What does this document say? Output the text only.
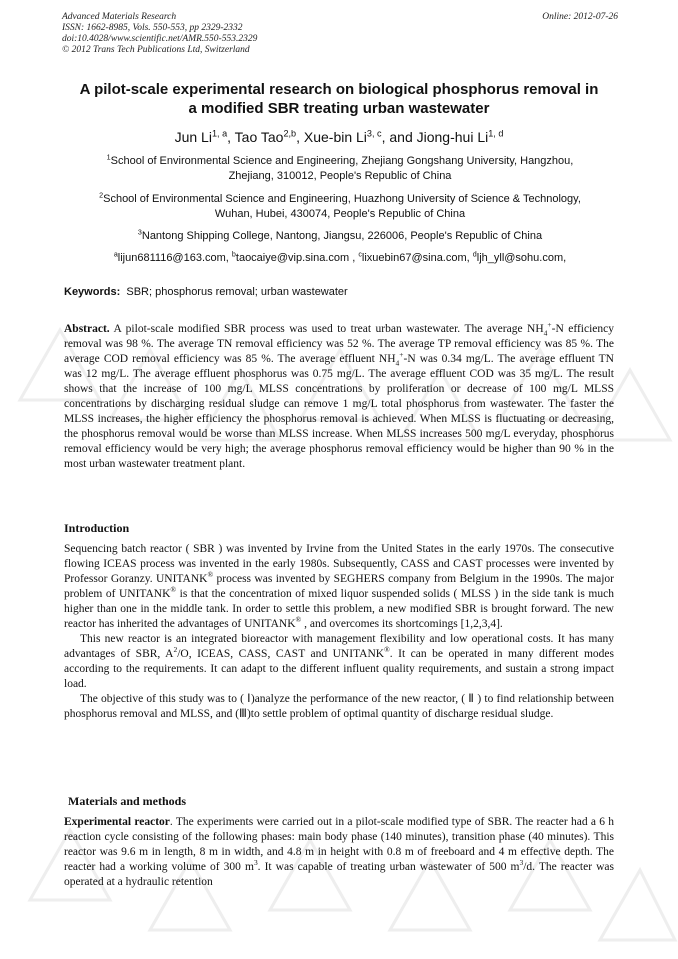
Advanced Materials Research
ISSN: 1662-8985, Vols. 550-553, pp 2329-2332
doi:10.4028/www.scientific.net/AMR.550-553.2329
© 2012 Trans Tech Publications Ltd, Switzerland
Online: 2012-07-26
A pilot-scale experimental research on biological phosphorus removal in
a modified SBR treating urban wastewater
Jun Li$^{1, a}$, Tao Tao$^{2,b}$, Xue-bin Li$^{3, c}$, and Jiong-hui Li$^{1, d}$
$^1$School of Environmental Science and Engineering, Zhejiang Gongshang University, Hangzhou,
Zhejiang, 310012, People's Republic of China
$^2$School of Environmental Science and Engineering, Huazhong University of Science & Technology,
Wuhan, Hubei, 430074, People's Republic of China
$^3$Nantong Shipping College, Nantong, Jiangsu, 226006, People's Republic of China
$^a$lijun681116@163.com, $^b$taocaiye@vip.sina.com , $^c$lixuebin67@sina.com, $^d$ljh_yll@sohu.com,
Keywords: SBR; phosphorus removal; urban wastewater

Abstract. A pilot-scale modified SBR process was used to treat urban wastewater. The average $NH_4^+-N$ efficiency removal was 98 %. The average TN removal efficiency was 52 %. The average TP removal efficiency was 85 %. The average COD removal efficiency was 85 %. The average effluent $NH_4^+-N$ was 0.34 mg/L. The average effluent TN was 12 mg/L. The average effluent phosphorus was 0.75 mg/L. The average effluent COD was 35 mg/L. The result shows that the increase of 100 mg/L MLSS concentrations by proliferation or decrease of 100 mg/L MLSS concentrations by discharging residual sludge can remove 1 mg/L total phosphorus from wastewater. The faster the MLSS increases, the higher efficiency the phosphorus removal is achieved. When MLSS is fluctuating or decreasing, the phosphorus removal would be worse than MLSS increase. When MLSS increases 500 mg/L everyday, phosphorus removal efficiency would be very high; the average phosphorus removal efficiency would be higher than 90 % in the most urban wastewater treatment plant.

Introduction

Sequencing batch reactor ( SBR ) was invented by Irvine from the United States in the early 1970s. The consecutive flowing ICEAS process was invented in the early 1980s. Subsequently, CASS and CAST processes were invented by Professor Goranzy. UNITANK® process was invented by SEGHERS company from Belgium in the 1990s. The major problem of UNITANK® is that the concentration of mixed liquor suspended solids ( MLSS ) in the side tank is much higher than one in the middle tank. In order to settle this problem, a new modified SBR is brought forward. The new reactor has inherited the advantages of UNITANK® , and overcomes its shortcomings [1,2,3,4].

This new reactor is an integrated bioreactor with management flexibility and low operational costs. It has many advantages of SBR, $A^2/O$, ICEAS, CASS, CAST and UNITANK®. It can be operated in many different modes according to the requirements. It can adapt to the different influent quality requirements, and sustain a strong impact load.

The objective of this study was to ( Ⅰ)analyze the performance of the new reactor, ( Ⅱ ) to find relationship between phosphorus removal and MLSS, and (Ⅲ)to settle problem of optimal quantity of discharge residual sludge.

Materials and methods

Experimental reactor. The experiments were carried out in a pilot-scale modified type of SBR. The reacter had a 6 h reaction cycle consisting of the following phases: main body phase (140 minutes), transition phase (40 minutes). This reactor was 9.6 m in length, 8 m in width, and 4.8 m in height with 0.8 m of freeboard and 4 m effective depth. The reacter had a working volume of 300 $m^3$. It was capable of treating urban wastewater of 500 $m^3/d$. The reacter was operated at a hydraulic retention
